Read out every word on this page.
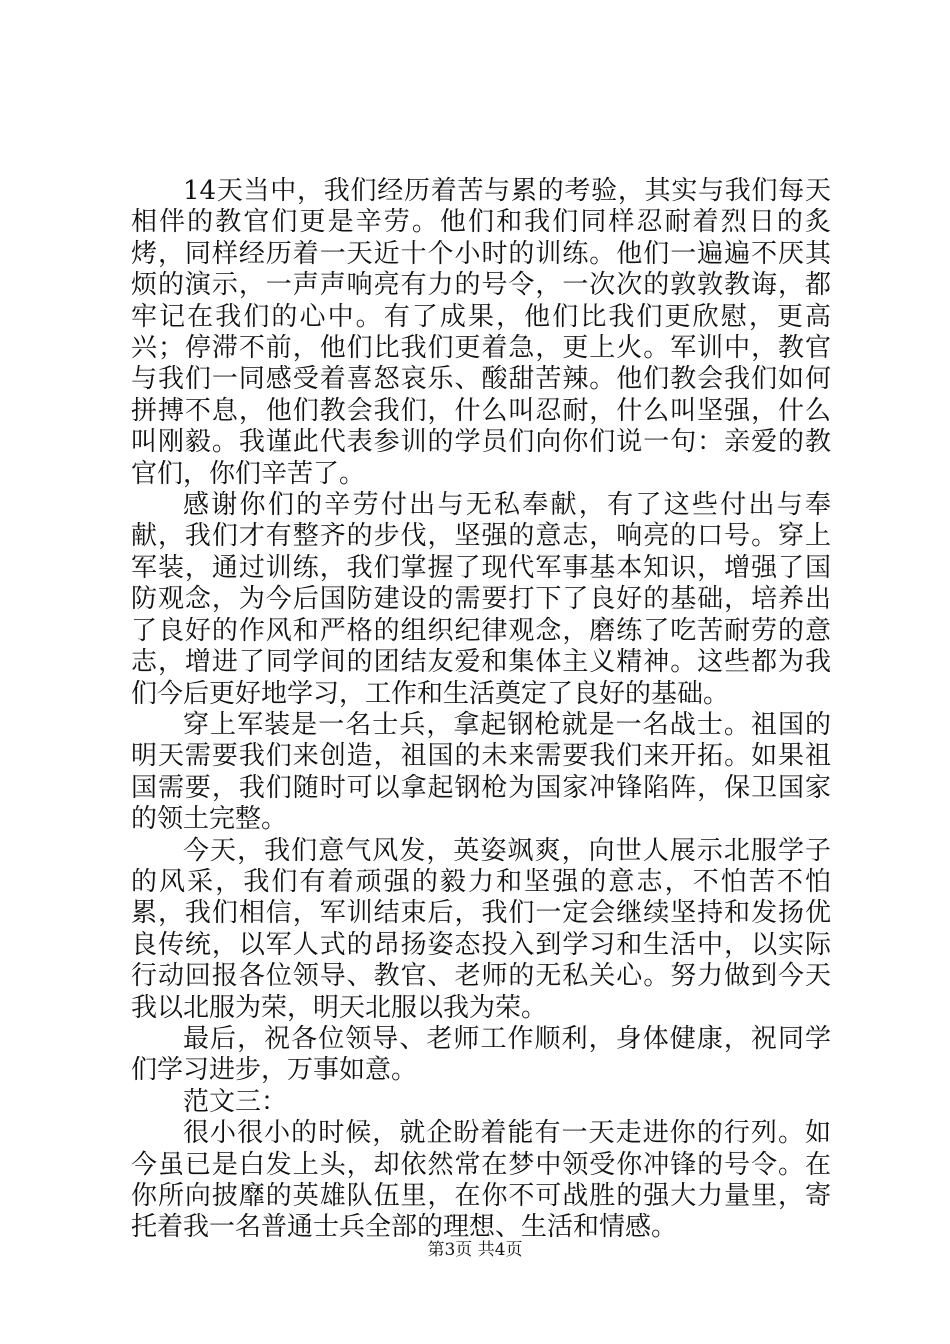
14天当中，我们经历着苦与累的考验，其实与我们每天相伴的教官们更是辛劳。他们和我们同样忍耐着烈日的炙烤，同样经历着一天近十个小时的训练。他们一遍遍不厌其烦的演示，一声声响亮有力的号令，一次次的敦敦教诲，都牢记在我们的心中。有了成果，他们比我们更欣慰，更高兴；停滞不前，他们比我们更着急，更上火。军训中，教官与我们一同感受着喜怒哀乐、酸甜苦辣。他们教会我们如何拼搏不息，他们教会我们，什么叫忍耐，什么叫坚强，什么叫刚毅。我谨此代表参训的学员们向你们说一句：亲爱的教官们，你们辛苦了。

感谢你们的辛劳付出与无私奉献，有了这些付出与奉献，我们才有整齐的步伐，坚强的意志，响亮的口号。穿上军装，通过训练，我们掌握了现代军事基本知识，增强了国防观念，为今后国防建设的需要打下了良好的基础，培养出了良好的作风和严格的组织纪律观念，磨练了吃苦耐劳的意志，增进了同学间的团结友爱和集体主义精神。这些都为我们今后更好地学习，工作和生活奠定了良好的基础。

穿上军装是一名士兵，拿起钢枪就是一名战士。祖国的明天需要我们来创造，祖国的未来需要我们来开拓。如果祖国需要，我们随时可以拿起钢枪为国家冲锋陷阵，保卫国家的领土完整。

今天，我们意气风发，英姿飒爽，向世人展示北服学子的风采，我们有着顽强的毅力和坚强的意志，不怕苦不怕累，我们相信，军训结束后，我们一定会继续坚持和发扬优良传统，以军人式的昂扬姿态投入到学习和生活中，以实际行动回报各位领导、教官、老师的无私关心。努力做到今天我以北服为荣，明天北服以我为荣。

最后，祝各位领导、老师工作顺利，身体健康，祝同学们学习进步，万事如意。

范文三：

很小很小的时候，就企盼着能有一天走进你的行列。如今虽已是白发上头，却依然常在梦中领受你冲锋的号令。在你所向披靡的英雄队伍里，在你不可战胜的强大力量里，寄托着我一名普通士兵全部的理想、生活和情感。

第3页 共4页
